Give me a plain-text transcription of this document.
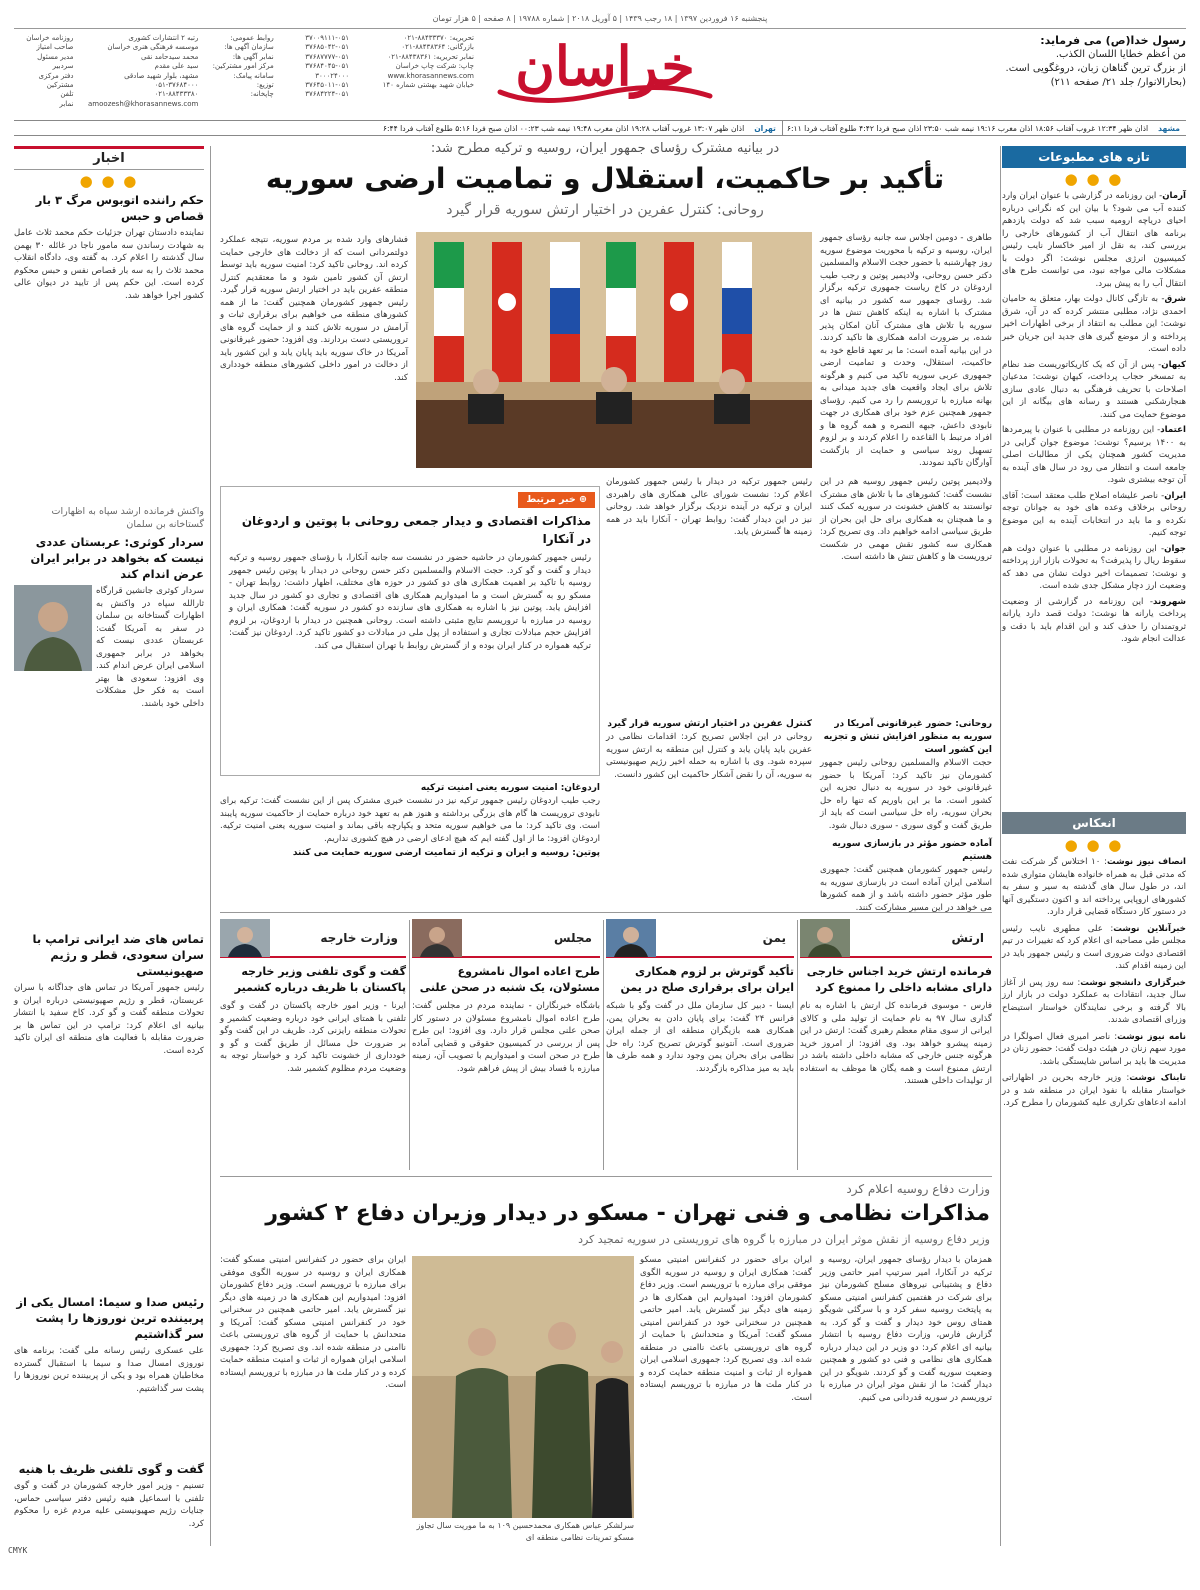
پنجشنبه ۱۶ فروردین ۱۳۹۷ | ۱۸ رجب ۱۴۳۹ | ۵ آوریل ۲۰۱۸ | شماره ۱۹۷۸۸ | ۸ صفحه | ۵ هزار تومان
رسول خدا(ص) می فرماید:
من أعظم خطايا اللسان الكذب.
از بزرگ ترین گناهان زبان، دروغگویی است.
(بحارالانوار/ جلد ۲۱/ صفحه ۲۱۱)
خراسان
روزنامه خراسان
صاحب امتیاز
مدیر مسئول
سردبیر
دفتر مرکزی
مشترکین
تلفن
نمابر
رتبه ۲ انتشارات کشوری
موسسه فرهنگی هنری خراسان
محمد سیدحامد نقی
سید علی مقدم
مشهد، بلوار شهید صادقی
۰۵۱-۳۷۶۸۴۰۰۰
۰۲۱-۸۸۴۳۳۳۸۰
amoozesh@khorasannews.com
روابط عمومی:
سازمان آگهی ها:
نمابر آگهی ها:
مرکز امور مشترکین:
سامانه پیامک:
توزیع:
چاپخانه:
۳۷۰۰۹۱۱۱-۰۵۱
۳۷۶۸۵۰۴۲-۰۵۱
۳۷۶۸۷۷۷۷-۰۵۱
۳۷۶۸۴۰۴۵-۰۵۱
۳۰۰۰۲۴۰۰۰
۳۷۶۴۵۰۱۱-۰۵۱
۳۷۶۸۴۲۲۴-۰۵۱
تحریریه: ۸۸۴۳۳۳۷۰-۰۲۱
بازرگانی: ۸۸۴۳۸۳۶۴-۰۲۱
نمابر تحریریه: ۸۸۴۳۸۳۶۱-۰۲۱
چاپ: شرکت چاپ خراسان
www.khorasannews.com
خیابان شهید بهشتی شماره ۱۴۰
مشهد
اذان ظهر ۱۲:۳۴ غروب آفتاب ۱۸:۵۶ اذان مغرب ۱۹:۱۶ نیمه شب ۲۳:۵۰ اذان صبح فردا ۴:۴۲ طلوع آفتاب فردا ۶:۱۱
تهران
اذان ظهر ۱۳:۰۷ غروب آفتاب ۱۹:۲۸ اذان مغرب ۱۹:۴۸ نیمه شب ۰۰:۲۳ اذان صبح فردا ۵:۱۶ طلوع آفتاب فردا ۶:۴۴
تازه های مطبوعات
● ● ●
آرمان- این روزنامه در گزارشی با عنوان ایران وارد کننده آب می شود؟ با بیان این که نگرانی درباره احیای دریاچه ارومیه سبب شد که دولت یازدهم برنامه های انتقال آب از کشورهای خارجی را بررسی کند، به نقل از امیر خاکسار نایب رئیس کمیسیون انرژی مجلس نوشت: اگر دولت با مشکلات مالی مواجه نبود، می توانست طرح های انتقال آب را به پیش ببرد.
شرق- به تازگی کانال دولت بهار، متعلق به حامیان احمدی نژاد، مطلبی منتشر کرده که در آن، شرق نوشت: این مطلب به انتقاد از برخی اظهارات اخیر پرداخته و از موضع گیری های جدید این جریان خبر داده است.
کیهان- پس از آن که یک کاریکاتوریست ضد نظام به تمسخر حجاب پرداخت، کیهان نوشت: مدعیان اصلاحات با تحریف فرهنگی به دنبال عادی سازی هنجارشکنی هستند و رسانه های بیگانه از این موضوع حمایت می کنند.
اعتماد- این روزنامه در مطلبی با عنوان با پیرمردها به ۱۴۰۰ برسیم؟ نوشت: موضوع جوان گرایی در مدیریت کشور همچنان یکی از مطالبات اصلی جامعه است و انتظار می رود در سال های آینده به آن توجه بیشتری شود.
ایران- ناصر علیشاه اصلاح طلب معتقد است: آقای روحانی برخلاف وعده های خود به جوانان توجه نکرده و ما باید در انتخابات آینده به این موضوع توجه کنیم.
جوان- این روزنامه در مطلبی با عنوان دولت هم سقوط ریال را پذیرفت؟ به تحولات بازار ارز پرداخته و نوشت: تصمیمات اخیر دولت نشان می دهد که وضعیت ارز دچار مشکل جدی شده است.
شهروند- این روزنامه در گزارشی از وضعیت پرداخت یارانه ها نوشت: دولت قصد دارد یارانه ثروتمندان را حذف کند و این اقدام باید با دقت و عدالت انجام شود.
انعکاس
● ● ●
انصاف نیوز نوشت: ۱۰ اختلاس گر شرکت نفت که مدتی قبل به همراه خانواده هایشان متواری شده اند، در طول سال های گذشته به سیر و سفر به کشورهای اروپایی پرداخته اند و اکنون دستگیری آنها در دستور کار دستگاه قضایی قرار دارد.
خبرآنلاین نوشت: علی مطهری نایب رئیس مجلس طی مصاحبه ای اعلام کرد که تغییرات در تیم اقتصادی دولت ضروری است و رئیس جمهور باید در این زمینه اقدام کند.
خبرگزاری دانشجو نوشت: سه روز پس از آغاز سال جدید، انتقادات به عملکرد دولت در بازار ارز بالا گرفته و برخی نمایندگان خواستار استیضاح وزرای اقتصادی شدند.
نامه نیوز نوشت: ناصر امیری فعال اصولگرا در مورد سهم زنان در هیئت دولت گفت: حضور زنان در مدیریت ها باید بر اساس شایستگی باشد.
تابناک نوشت: وزیر خارجه بحرین در اظهاراتی خواستار مقابله با نفوذ ایران در منطقه شد و در ادامه ادعاهای تکراری علیه کشورمان را مطرح کرد.
اخبار
● ● ●
حکم راننده اتوبوس مرگ ۳ بار قصاص و حبس
نماینده دادستان تهران جزئیات حکم محمد ثلاث عامل به شهادت رساندن سه مامور ناجا در غائله ۳۰ بهمن سال گذشته را اعلام کرد. به گفته وی، دادگاه انقلاب محمد ثلاث را به سه بار قصاص نفس و حبس محکوم کرده است. این حکم پس از تایید در دیوان عالی کشور اجرا خواهد شد.
واکنش فرمانده ارشد سپاه به اظهارات گستاخانه بن سلمان
سردار کوثری: عربستان عددی نیست که بخواهد در برابر ایران عرض اندام کند
سردار کوثری جانشین قرارگاه ثارالله سپاه در واکنش به اظهارات گستاخانه بن سلمان در سفر به آمریکا گفت: عربستان عددی نیست که بخواهد در برابر جمهوری اسلامی ایران عرض اندام کند. وی افزود: سعودی ها بهتر است به فکر حل مشکلات داخلی خود باشند.
تماس های ضد ایرانی ترامپ با سران سعودی، قطر و رژیم صهیونیستی
رئیس جمهور آمریکا در تماس های جداگانه با سران عربستان، قطر و رژیم صهیونیستی درباره ایران و تحولات منطقه گفت و گو کرد. کاخ سفید با انتشار بیانیه ای اعلام کرد: ترامپ در این تماس ها بر ضرورت مقابله با فعالیت های منطقه ای ایران تاکید کرده است.
رئیس صدا و سیما: امسال یکی از پربیننده ترین نوروزها را پشت سر گذاشتیم
علی عسکری رئیس رسانه ملی گفت: برنامه های نوروزی امسال صدا و سیما با استقبال گسترده مخاطبان همراه بود و یکی از پربیننده ترین نوروزها را پشت سر گذاشتیم.
گفت و گوی تلفنی ظریف با هنیه
تسنیم - وزیر امور خارجه کشورمان در گفت و گوی تلفنی با اسماعیل هنیه رئیس دفتر سیاسی حماس، جنایات رژیم صهیونیستی علیه مردم غزه را محکوم کرد.
در بیانیه مشترک رؤسای جمهور ایران، روسیه و ترکیه مطرح شد:
تأکید بر حاکمیت، استقلال و تمامیت ارضی سوریه
روحانی: کنترل عفرین در اختیار ارتش سوریه قرار گیرد
طاهری - دومین اجلاس سه جانبه رؤسای جمهور ایران، روسیه و ترکیه با محوریت موضوع سوریه روز چهارشنبه با حضور حجت الاسلام والمسلمین دکتر حسن روحانی، ولادیمیر پوتین و رجب طیب اردوغان در کاخ ریاست جمهوری ترکیه برگزار شد. رؤسای جمهور سه کشور در بیانیه ای مشترک با اشاره به اینکه کاهش تنش ها در سوریه با تلاش های مشترک آنان امکان پذیر شده، بر ضرورت ادامه همکاری ها تاکید کردند. در این بیانیه آمده است: ما بر تعهد قاطع خود به حاکمیت، استقلال، وحدت و تمامیت ارضی جمهوری عربی سوریه تاکید می کنیم و هرگونه تلاش برای ایجاد واقعیت های جدید میدانی به بهانه مبارزه با تروریسم را رد می کنیم. رؤسای جمهور همچنین عزم خود برای همکاری در جهت نابودی داعش، جبهه النصره و همه گروه ها و افراد مرتبط با القاعده را اعلام کردند و بر لزوم تسهیل روند سیاسی و حمایت از بازگشت آوارگان تاکید نمودند.
فشارهای وارد شده بر مردم سوریه، نتیجه عملکرد دولتمردانی است که از دخالت های خارجی حمایت کرده اند. روحانی تاکید کرد: امنیت سوریه باید توسط ارتش آن کشور تامین شود و ما معتقدیم کنترل منطقه عفرین باید در اختیار ارتش سوریه قرار گیرد. رئیس جمهور کشورمان همچنین گفت: ما از همه کشورهای منطقه می خواهیم برای برقراری ثبات و آرامش در سوریه تلاش کنند و از حمایت گروه های تروریستی دست بردارند. وی افزود: حضور غیرقانونی آمریکا در خاک سوریه باید پایان یابد و این کشور باید از دخالت در امور داخلی کشورهای منطقه خودداری کند.
ولادیمیر پوتین رئیس جمهور روسیه هم در این نشست گفت: کشورهای ما با تلاش های مشترک توانستند به کاهش خشونت در سوریه کمک کنند و ما همچنان به همکاری برای حل این بحران از طریق سیاسی ادامه خواهیم داد. وی تصریح کرد: همکاری سه کشور نقش مهمی در شکست تروریست ها و کاهش تنش ها داشته است.
روحانی: حضور غیرقانونی آمریکا در سوریه به منظور افزایش تنش و تجزیه این کشور است
حجت الاسلام والمسلمین روحانی رئیس جمهور کشورمان نیز تاکید کرد: آمریکا با حضور غیرقانونی خود در سوریه به دنبال تجزیه این کشور است. ما بر این باوریم که تنها راه حل بحران سوریه، راه حل سیاسی است که باید از طریق گفت و گوی سوری - سوری دنبال شود.
آماده حضور مؤثر در بازسازی سوریه هستیم
رئیس جمهور کشورمان همچنین گفت: جمهوری اسلامی ایران آماده است در بازسازی سوریه به طور مؤثر حضور داشته باشد و از همه کشورها می خواهد در این مسیر مشارکت کنند.
رئیس جمهور ترکیه در دیدار با رئیس جمهور کشورمان اعلام کرد: نشست شورای عالی همکاری های راهبردی ایران و ترکیه در آینده نزدیک برگزار خواهد شد. روحانی نیز در این دیدار گفت: روابط تهران - آنکارا باید در همه زمینه ها گسترش یابد.
کنترل عفرین در اختیار ارتش سوریه قرار گیرد
روحانی در این اجلاس تصریح کرد: اقدامات نظامی در عفرین باید پایان یابد و کنترل این منطقه به ارتش سوریه سپرده شود. وی با اشاره به حمله اخیر رژیم صهیونیستی به سوریه، آن را نقض آشکار حاکمیت این کشور دانست.
⊕ خبر مرتبط
مذاکرات اقتصادی و دیدار جمعی روحانی با پوتین و اردوغان در آنکارا
رئیس جمهور کشورمان در حاشیه حضور در نشست سه جانبه آنکارا، با رؤسای جمهور روسیه و ترکیه دیدار و گفت و گو کرد. حجت الاسلام والمسلمین دکتر حسن روحانی در دیدار با پوتین رئیس جمهور روسیه با تاکید بر اهمیت همکاری های دو کشور در حوزه های مختلف، اظهار داشت: روابط تهران - مسکو رو به گسترش است و ما امیدواریم همکاری های اقتصادی و تجاری دو کشور در سال جدید افزایش یابد. پوتین نیز با اشاره به همکاری های سازنده دو کشور در سوریه گفت: همکاری ایران و روسیه در مبارزه با تروریسم نتایج مثبتی داشته است. روحانی همچنین در دیدار با اردوغان، بر لزوم افزایش حجم مبادلات تجاری و استفاده از پول ملی در مبادلات دو کشور تاکید کرد. اردوغان نیز گفت: ترکیه همواره در کنار ایران بوده و از گسترش روابط با تهران استقبال می کند.
اردوغان: امنیت سوریه یعنی امنیت ترکیه
رجب طیب اردوغان رئیس جمهور ترکیه نیز در نشست خبری مشترک پس از این نشست گفت: ترکیه برای نابودی تروریست ها گام های بزرگی برداشته و هنوز هم به تعهد خود درباره حمایت از حاکمیت سوریه پایبند است. وی تاکید کرد: ما می خواهیم سوریه متحد و یکپارچه باقی بماند و امنیت سوریه یعنی امنیت ترکیه. اردوغان افزود: ما از اول گفته ایم که هیچ ادعای ارضی در هیچ کشوری نداریم.
پوتین: روسیه و ایران و ترکیه از تمامیت ارضی سوریه حمایت می کنند
ارتش
فرمانده ارتش خرید اجناس خارجی دارای مشابه داخلی را ممنوع کرد
فارس - موسوی فرمانده کل ارتش با اشاره به نام گذاری سال ۹۷ به نام حمایت از تولید ملی و کالای ایرانی از سوی مقام معظم رهبری گفت: ارتش در این زمینه پیشرو خواهد بود. وی افزود: از امروز خرید هرگونه جنس خارجی که مشابه داخلی داشته باشد در ارتش ممنوع است و همه یگان ها موظف به استفاده از تولیدات داخلی هستند.
یمن
تأکید گوترش بر لزوم همکاری ایران برای برقراری صلح در یمن
ایسنا - دبیر کل سازمان ملل در گفت وگو با شبکه فرانس ۲۴ گفت: برای پایان دادن به بحران یمن، همکاری همه بازیگران منطقه ای از جمله ایران ضروری است. آنتونیو گوترش تصریح کرد: راه حل نظامی برای بحران یمن وجود ندارد و همه طرف ها باید به میز مذاکره بازگردند.
مجلس
طرح اعاده اموال نامشروع مسئولان، یک شنبه در صحن علنی
باشگاه خبرنگاران - نماینده مردم در مجلس گفت: طرح اعاده اموال نامشروع مسئولان در دستور کار صحن علنی مجلس قرار دارد. وی افزود: این طرح پس از بررسی در کمیسیون حقوقی و قضایی آماده طرح در صحن است و امیدواریم با تصویب آن، زمینه مبارزه با فساد بیش از پیش فراهم شود.
وزارت خارجه
گفت و گوی تلفنی وزیر خارجه پاکستان با ظریف درباره کشمیر
ایرنا - وزیر امور خارجه پاکستان در گفت و گوی تلفنی با همتای ایرانی خود درباره وضعیت کشمیر و تحولات منطقه رایزنی کرد. ظریف در این گفت وگو بر ضرورت حل مسائل از طریق گفت و گو و خودداری از خشونت تاکید کرد و خواستار توجه به وضعیت مردم مظلوم کشمیر شد.
وزارت دفاع روسیه اعلام کرد
مذاکرات نظامی و فنی تهران - مسکو در دیدار وزیران دفاع ۲ کشور
وزیر دفاع روسیه از نقش موثر ایران در مبارزه با گروه های تروریستی در سوریه تمجید کرد
همزمان با دیدار رؤسای جمهور ایران، روسیه و ترکیه در آنکارا، امیر سرتیپ امیر حاتمی وزیر دفاع و پشتیبانی نیروهای مسلح کشورمان نیز برای شرکت در هفتمین کنفرانس امنیتی مسکو به پایتخت روسیه سفر کرد و با سرگئی شویگو همتای روس خود دیدار و گفت و گو کرد. به گزارش فارس، وزارت دفاع روسیه با انتشار بیانیه ای اعلام کرد: دو وزیر در این دیدار درباره همکاری های نظامی و فنی دو کشور و همچنین وضعیت سوریه گفت و گو کردند. شویگو در این دیدار گفت: ما از نقش موثر ایران در مبارزه با تروریسم در سوریه قدردانی می کنیم.
ایران برای حضور در کنفرانس امنیتی مسکو گفت: همکاری ایران و روسیه در سوریه الگوی موفقی برای مبارزه با تروریسم است. وزیر دفاع کشورمان افزود: امیدواریم این همکاری ها در زمینه های دیگر نیز گسترش یابد. امیر حاتمی همچنین در سخنرانی خود در کنفرانس امنیتی مسکو گفت: آمریکا و متحدانش با حمایت از گروه های تروریستی باعث ناامنی در منطقه شده اند. وی تصریح کرد: جمهوری اسلامی ایران همواره از ثبات و امنیت منطقه حمایت کرده و در کنار ملت ها در مبارزه با تروریسم ایستاده است.
سرلشکر عباس همکاری محمدحسین ۱۰۹ به ما موریت سال تجاوز مسکو تمرینات نظامی منطقه ای
ایران برای حضور در کنفرانس امنیتی مسکو گفت: همکاری ایران و روسیه در سوریه الگوی موفقی برای مبارزه با تروریسم است. وزیر دفاع کشورمان افزود: امیدواریم این همکاری ها در زمینه های دیگر نیز گسترش یابد. امیر حاتمی همچنین در سخنرانی خود در کنفرانس امنیتی مسکو گفت: آمریکا و متحدانش با حمایت از گروه های تروریستی باعث ناامنی در منطقه شده اند. وی تصریح کرد: جمهوری اسلامی ایران همواره از ثبات و امنیت منطقه حمایت کرده و در کنار ملت ها در مبارزه با تروریسم ایستاده است.
CMYK
